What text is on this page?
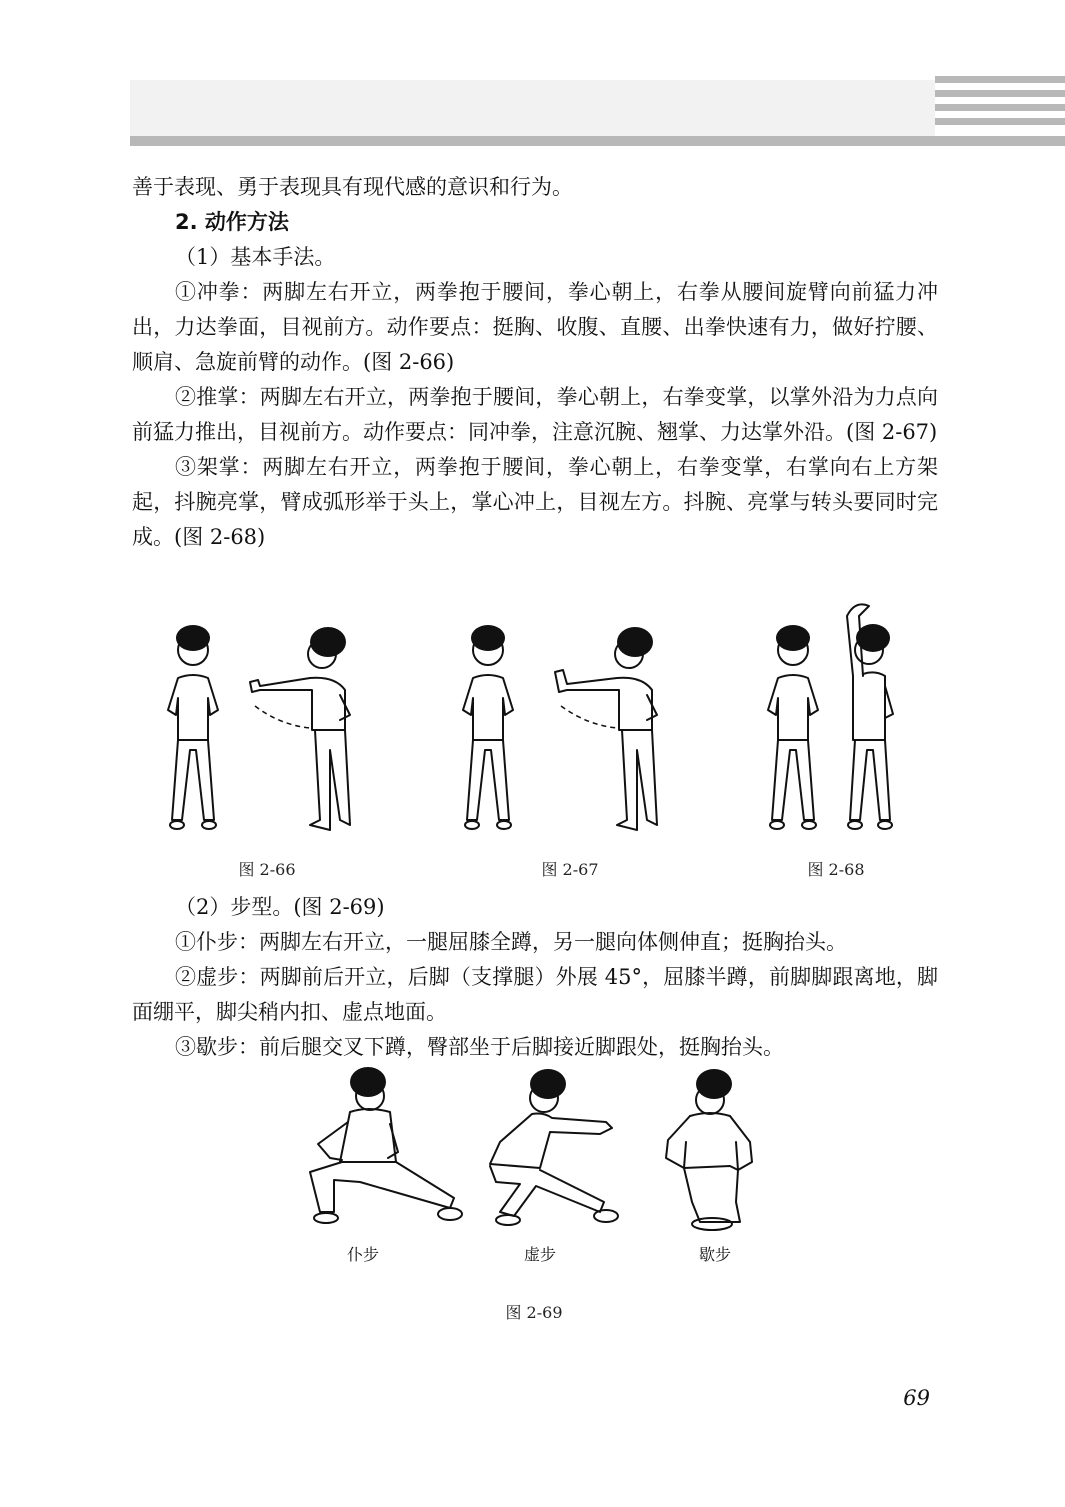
善于表现、勇于表现具有现代感的意识和行为。

2. 动作方法

（1）基本手法。

①冲拳：两脚左右开立，两拳抱于腰间，拳心朝上，右拳从腰间旋臂向前猛力冲出，力达拳面，目视前方。动作要点：挺胸、收腹、直腰、出拳快速有力，做好拧腰、顺肩、急旋前臂的动作。(图 2-66)

②推掌：两脚左右开立，两拳抱于腰间，拳心朝上，右拳变掌，以掌外沿为力点向前猛力推出，目视前方。动作要点：同冲拳，注意沉腕、翘掌、力达掌外沿。(图 2-67)

③架掌：两脚左右开立，两拳抱于腰间，拳心朝上，右拳变掌，右掌向右上方架起，抖腕亮掌，臂成弧形举于头上，掌心冲上，目视左方。抖腕、亮掌与转头要同时完成。(图 2-68)

图 2-66	图 2-67	图 2-68

（2）步型。(图 2-69)

①仆步：两脚左右开立，一腿屈膝全蹲，另一腿向体侧伸直；挺胸抬头。

②虚步：两脚前后开立，后脚（支撑腿）外展 45°，屈膝半蹲，前脚脚跟离地，脚面绷平，脚尖稍内扣、虚点地面。

③歇步：前后腿交叉下蹲，臀部坐于后脚接近脚跟处，挺胸抬头。

仆步	虚步	歇步
图 2-69
69
